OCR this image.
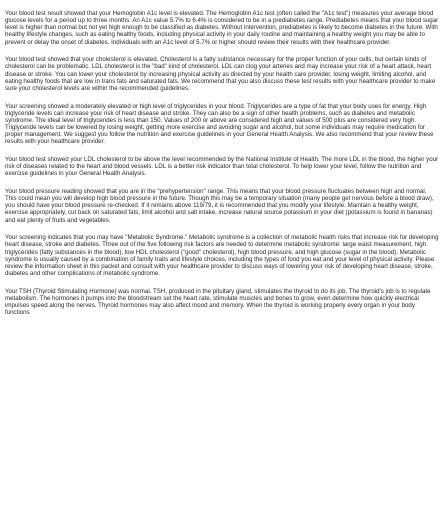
Your blood test result showed that your Hemoglobin A1c level is elevated. The Hemoglobin A1c test (often called the "A1c test") measures your average blood glucose levels for a period up to three months. An A1c value 5.7% to 6.4% is considered to be in a prediabetes range. Prediabetes means that your blood sugar level is higher than normal but not yet high enough to be classified as diabetes. Without intervention, prediabetes is likely to become diabetes in the future. With healthy lifestyle changes, such as eating healthy foods, including physical activity in your daily routine and maintaining a healthy weight you may be able to prevent or delay the onset of diabetes. Individuals with an A1c level of 5.7% or higher should review their results with their healthcare provider.

Your blood test showed that your cholesterol is elevated. Cholesterol is a fatty substance necessary for the proper function of your cells, but certain kinds of cholesterol can be problematic. LDL cholesterol is the "bad" kind of cholesterol. LDL can clog your arteries and may increase your risk of a heart attack, heart disease or stroke. You can lower your cholesterol by increasing physical activity as directed by your health care provider, losing weight, limiting alcohol, and eating healthy foods that are low in trans fats and saturated fats. We recommend that you also discuss these test results with your healthcare provider to make sure your cholesterol levels are within the recommended guidelines.

Your screening showed a moderately elevated or high level of triglycerides in your blood. Triglycerides are a type of fat that your body uses for energy. High triglyceride levels can increase your risk of heart disease and stroke. They can also be a sign of other health problems, such as diabetes and metabolic syndrome. The ideal level of triglycerides is less than 150. Values of 200 or above are considered high and values of 500 plus are considered very high. Triglyceride levels can be lowered by losing weight, getting more exercise and avoiding sugar and alcohol, but some individuals may require medication for proper management. We suggest you follow the nutrition and exercise guidelines in your General Health Analysis. We also recommend that your review these results with your healthcare provider.

Your blood test showed your LDL cholesterol to be above the level recommended by the National Institute of Health. The more LDL in the blood, the higher your risk of diseases related to the heart and blood vessels. LDL is a better risk indicator than total cholesterol. To help lower your level, follow the nutrition and exercise guidelines in your General Health Analysis.

Your blood pressure reading showed that you are in the "prehypertension" range. This means that your blood pressure fluctuates between high and normal. This could mean you will develop high blood pressure in the future. Though this may be a temporary situation (many people get nervous before a blood draw), you should have your blood pressure re-checked. If it remains above 119/79, it is recommended that you modify your lifestyle. Maintain a healthy weight, exercise appropriately, cut back on saturated fats, limit alcohol and salt intake, increase natural source potassium in your diet (potassium is found in bananas) and eat plenty of fruits and vegetables.

Your screening indicates that you may have "Metabolic Syndrome." Metabolic syndrome is a collection of metabolic health risks that increase risk for developing heart disease, stroke and diabetes. Three out of the five following risk factors are needed to determine metabolic syndrome: large waist measurement, high triglycerides (fatty substances in the blood), low HDL cholesterol ("good" cholesterol), high blood pressure, and high glucose (sugar in the blood). Metabolic syndrome is usually caused by a combination of family traits and lifestyle choices, including the types of food you eat and your level of physical activity. Please review the information sheet in this packet and consult with your healthcare provider to discuss ways of lowering your risk of developing heart disease, stroke, diabetes and other complications of metabolic syndrome.

Your TSH (Thyroid Stimulating Hormone) was normal. TSH, produced in the pituitary gland, stimulates the thyroid to do its job. The thyroid's job is to regulate metabolism. The hormones it pumps into the bloodstream set the heart rate, stimulate muscles and bones to grow, even determine how quickly electrical impulses speed along the nerves. Thyroid hormones may also affect mood and memory. When the thyroid is working properly every organ in your body functions
